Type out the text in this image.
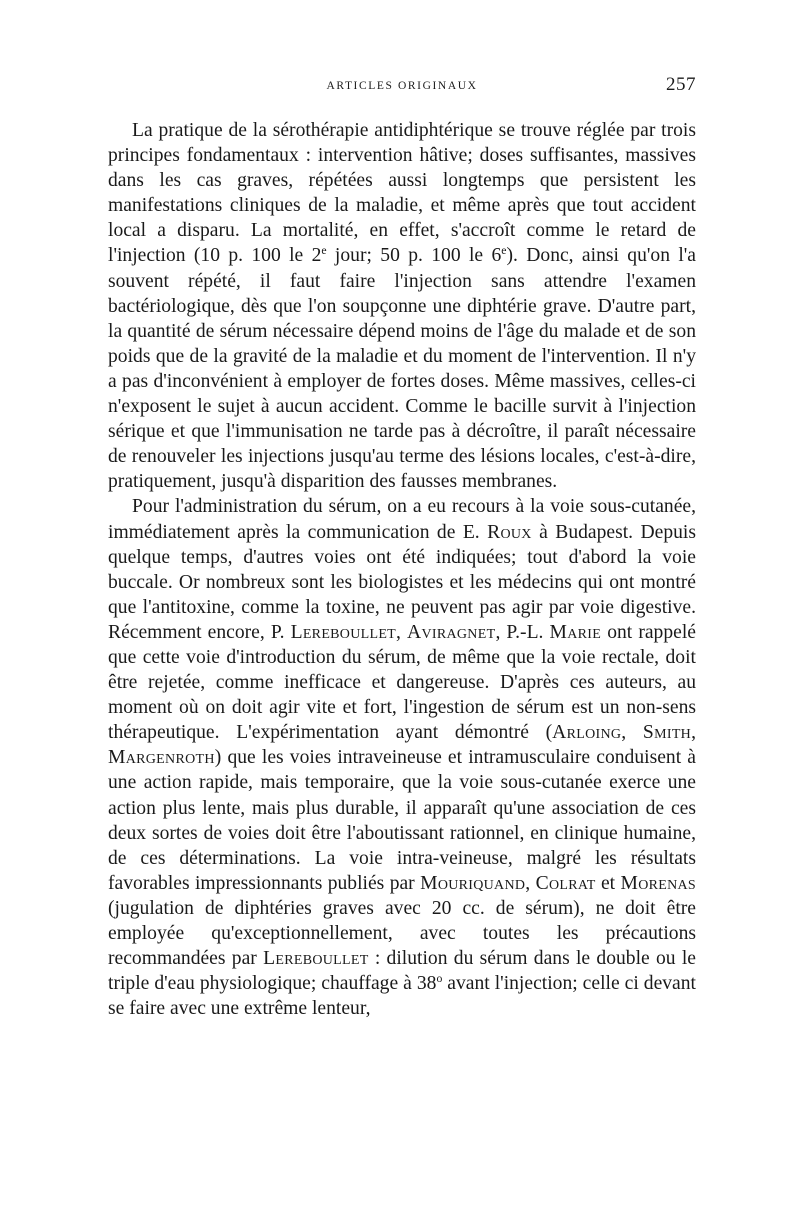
ARTICLES ORIGINAUX	257

La pratique de la sérothérapie antidiphtérique se trouve réglée par trois principes fondamentaux : intervention hâtive; doses suffisantes, massives dans les cas graves, répétées aussi longtemps que persistent les manifestations cliniques de la maladie, et même après que tout accident local a disparu. La mortalité, en effet, s'accroît comme le retard de l'injection (10 p. 100 le 2e jour; 50 p. 100 le 6e). Donc, ainsi qu'on l'a souvent répété, il faut faire l'injection sans attendre l'examen bactériologique, dès que l'on soupçonne une diphtérie grave. D'autre part, la quantité de sérum nécessaire dépend moins de l'âge du malade et de son poids que de la gravité de la maladie et du moment de l'intervention. Il n'y a pas d'inconvénient à employer de fortes doses. Même massives, celles-ci n'exposent le sujet à aucun accident. Comme le bacille survit à l'injection sérique et que l'immunisation ne tarde pas à décroître, il paraît nécessaire de renouveler les injections jusqu'au terme des lésions locales, c'est-à-dire, pratiquement, jusqu'à disparition des fausses membranes.

Pour l'administration du sérum, on a eu recours à la voie sous-cutanée, immédiatement après la communication de E. Roux à Budapest. Depuis quelque temps, d'autres voies ont été indiquées; tout d'abord la voie buccale. Or nombreux sont les biologistes et les médecins qui ont montré que l'antitoxine, comme la toxine, ne peuvent pas agir par voie digestive. Récemment encore, P. Lereboullet, Aviragnet, P.-L. Marie ont rappelé que cette voie d'introduction du sérum, de même que la voie rectale, doit être rejetée, comme inefficace et dangereuse. D'après ces auteurs, au moment où on doit agir vite et fort, l'ingestion de sérum est un non-sens thérapeutique. L'expérimentation ayant démontré (Arloing, Smith, Margenroth) que les voies intraveineuse et intramusculaire conduisent à une action rapide, mais temporaire, que la voie sous-cutanée exerce une action plus lente, mais plus durable, il apparaît qu'une association de ces deux sortes de voies doit être l'aboutissant rationnel, en clinique humaine, de ces déterminations. La voie intra-veineuse, malgré les résultats favorables impressionnants publiés par Mouriquand, Colrat et Morenas (jugulation de diphtéries graves avec 20 cc. de sérum), ne doit être employée qu'exceptionnellement, avec toutes les précautions recommandées par Lereboullet : dilution du sérum dans le double ou le triple d'eau physiologique; chauffage à 38$^o$ avant l'injection; celle ci devant se faire avec une extrême lenteur,
